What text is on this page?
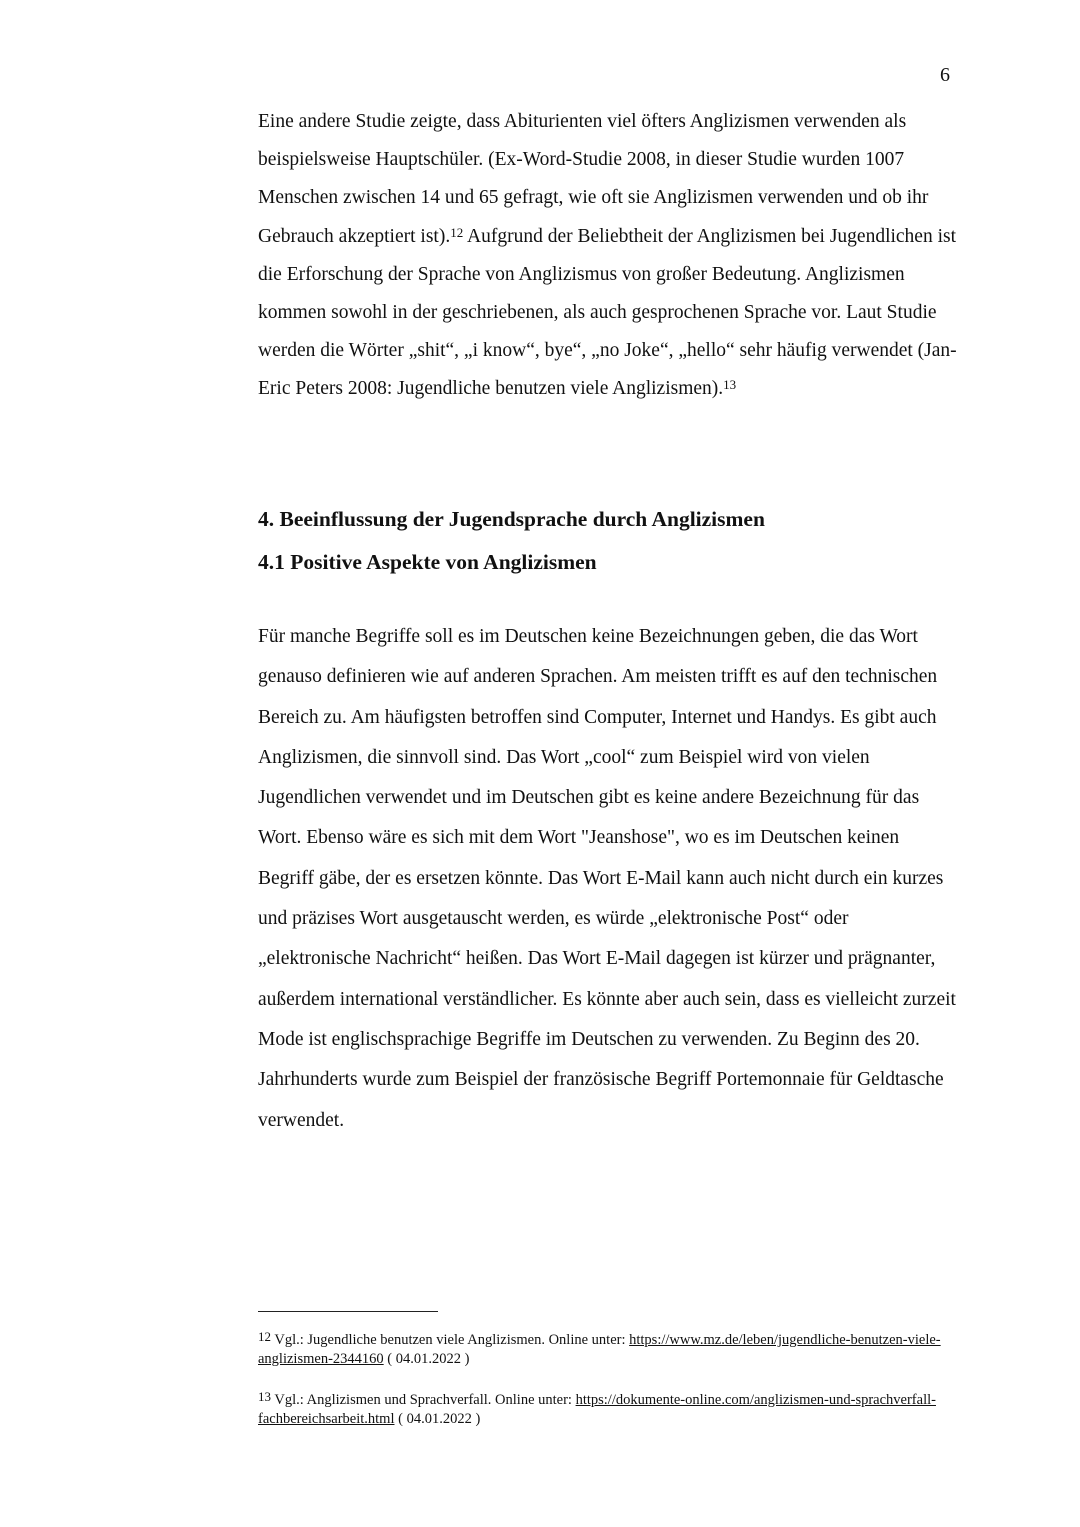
6

Eine andere Studie zeigte, dass Abiturienten viel öfters Anglizismen verwenden als beispielsweise Hauptschüler. (Ex-Word-Studie 2008, in dieser Studie wurden 1007 Menschen zwischen 14 und 65 gefragt, wie oft sie Anglizismen verwenden und ob ihr Gebrauch akzeptiert ist).$^{12}$ Aufgrund der Beliebtheit der Anglizismen bei Jugendlichen ist die Erforschung der Sprache von Anglizismus von großer Bedeutung. Anglizismen kommen sowohl in der geschriebenen, als auch gesprochenen Sprache vor. Laut Studie werden die Wörter „shit“, „i know“, bye“, „no Joke“, „hello“ sehr häufig verwendet (Jan-Eric Peters 2008: Jugendliche benutzen viele Anglizismen).$^{13}$

4. Beeinflussung der Jugendsprache durch Anglizismen
4.1 Positive Aspekte von Anglizismen

Für manche Begriffe soll es im Deutschen keine Bezeichnungen geben, die das Wort genauso definieren wie auf anderen Sprachen. Am meisten trifft es auf den technischen Bereich zu. Am häufigsten betroffen sind Computer, Internet und Handys. Es gibt auch Anglizismen, die sinnvoll sind. Das Wort „cool“ zum Beispiel wird von vielen Jugendlichen verwendet und im Deutschen gibt es keine andere Bezeichnung für das Wort. Ebenso wäre es sich mit dem Wort "Jeanshose", wo es im Deutschen keinen Begriff gäbe, der es ersetzen könnte. Das Wort E-Mail kann auch nicht durch ein kurzes und präzises Wort ausgetauscht werden, es würde „elektronische Post“ oder „elektronische Nachricht“ heißen. Das Wort E-Mail dagegen ist kürzer und prägnanter, außerdem international verständlicher. Es könnte aber auch sein, dass es vielleicht zurzeit Mode ist englischsprachige Begriffe im Deutschen zu verwenden. Zu Beginn des 20. Jahrhunderts wurde zum Beispiel der französische Begriff Portemonnaie für Geldtasche verwendet.

12 Vgl.: Jugendliche benutzen viele Anglizismen. Online unter: https://www.mz.de/leben/jugendliche-benutzen-viele-anglizismen-2344160 ( 04.01.2022 )

13 Vgl.: Anglizismen und Sprachverfall. Online unter: https://dokumente-online.com/anglizismen-und-sprachverfall-fachbereichsarbeit.html ( 04.01.2022 )
